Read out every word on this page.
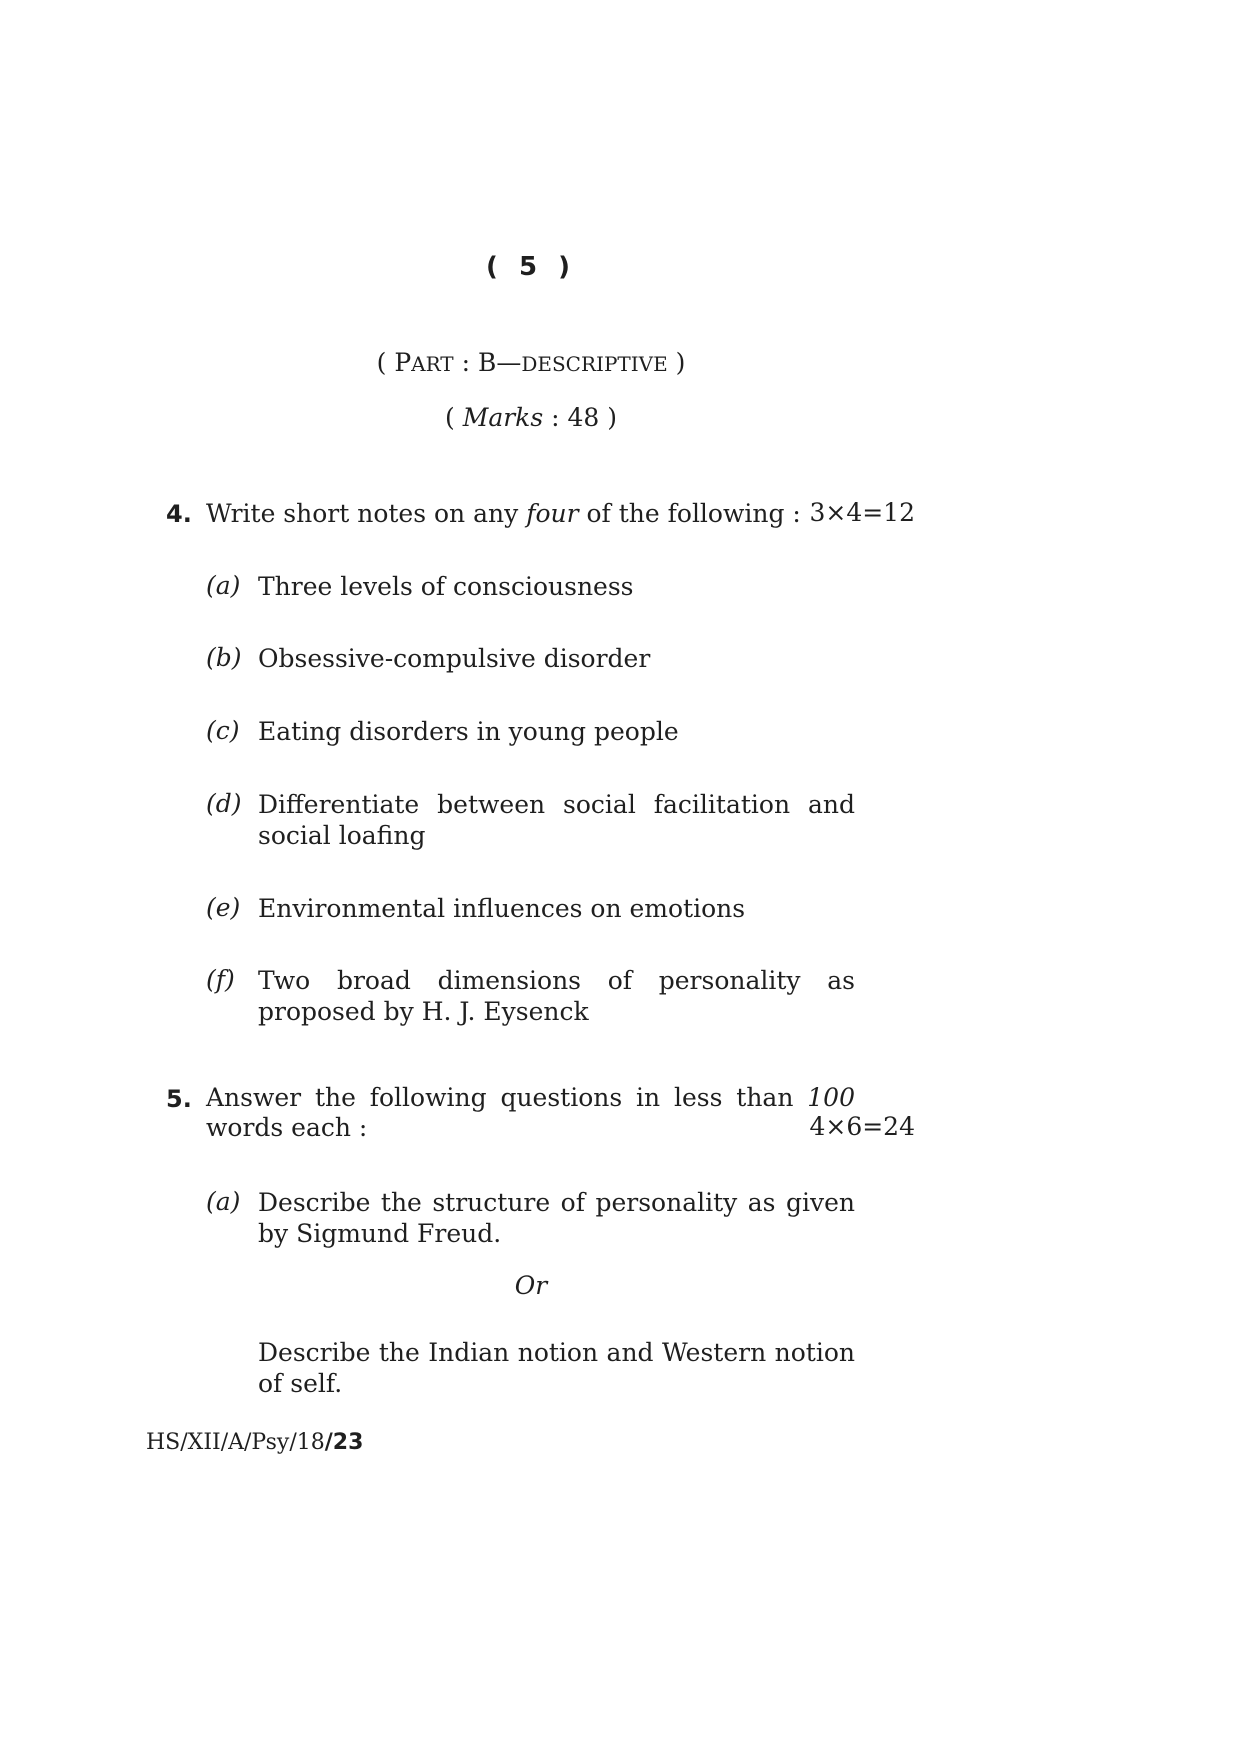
( 5 )
( PART : B—DESCRIPTIVE )
( Marks : 48 )
4. Write short notes on any four of the following : 3×4=12
(a) Three levels of consciousness
(b) Obsessive-compulsive disorder
(c) Eating disorders in young people
(d) Differentiate between social facilitation and social loafing
(e) Environmental influences on emotions
(f) Two broad dimensions of personality as proposed by H. J. Eysenck
5. Answer the following questions in less than 100
words each :	4×6=24
(a) Describe the structure of personality as given by Sigmund Freud.
Or
Describe the Indian notion and Western notion of self.
HS/XII/A/Psy/18/23
